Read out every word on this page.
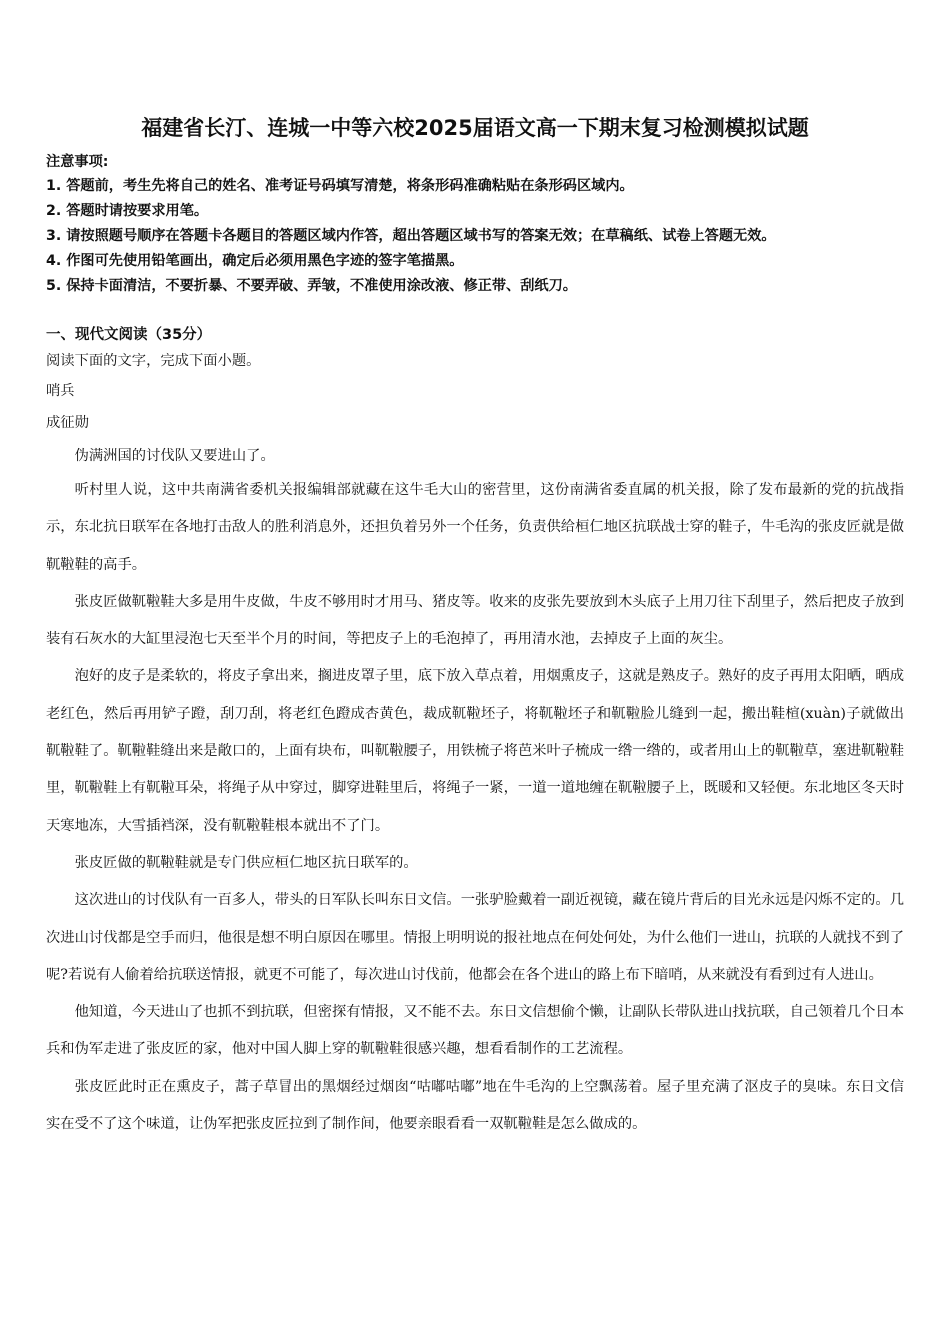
福建省长汀、连城一中等六校2025届语文高一下期末复习检测模拟试题
注意事项:
1. 答题前，考生先将自己的姓名、准考证号码填写清楚，将条形码准确粘贴在条形码区域内。
2. 答题时请按要求用笔。
3. 请按照题号顺序在答题卡各题目的答题区域内作答，超出答题区域书写的答案无效；在草稿纸、试卷上答题无效。
4. 作图可先使用铅笔画出，确定后必须用黑色字迹的签字笔描黑。
5. 保持卡面清洁，不要折暴、不要弄破、弄皱，不准使用涂改液、修正带、刮纸刀。
一、现代文阅读（35分）
阅读下面的文字，完成下面小题。
哨兵
成征勋

伪满洲国的讨伐队又要进山了。

听村里人说，这中共南满省委机关报编辑部就藏在这牛毛大山的密营里，这份南满省委直属的机关报，除了发布最新的党的抗战指示，东北抗日联军在各地打击敌人的胜利消息外，还担负着另外一个任务，负责供给桓仁地区抗联战士穿的鞋子，牛毛沟的张皮匠就是做靰鞡鞋的高手。

张皮匠做靰鞡鞋大多是用牛皮做，牛皮不够用时才用马、猪皮等。收来的皮张先要放到木头底子上用刀往下刮里子，然后把皮子放到装有石灰水的大缸里浸泡七天至半个月的时间，等把皮子上的毛泡掉了，再用清水池，去掉皮子上面的灰尘。

泡好的皮子是柔软的，将皮子拿出来，搁进皮罩子里，底下放入草点着，用烟熏皮子，这就是熟皮子。熟好的皮子再用太阳晒，晒成老红色，然后再用铲子蹬，刮刀刮，将老红色蹬成杏黄色，裁成靰鞡坯子，将靰鞡坯子和靰鞡脸儿缝到一起，搬出鞋楦(xuàn)子就做出靰鞡鞋了。靰鞡鞋缝出来是敞口的，上面有块布，叫靰鞡腰子，用铁梳子将芭米叶子梳成一绺一绺的，或者用山上的靰鞡草，塞进靰鞡鞋里，靰鞡鞋上有靰鞡耳朵，将绳子从中穿过，脚穿进鞋里后，将绳子一紧，一道一道地缠在靰鞡腰子上，既暖和又轻便。东北地区冬天时天寒地冻，大雪插裆深，没有靰鞡鞋根本就出不了门。

张皮匠做的靰鞡鞋就是专门供应桓仁地区抗日联军的。

这次进山的讨伐队有一百多人，带头的日军队长叫东日文信。一张驴脸戴着一副近视镜，藏在镜片背后的目光永远是闪烁不定的。几次进山讨伐都是空手而归，他很是想不明白原因在哪里。情报上明明说的报社地点在何处何处，为什么他们一进山，抗联的人就找不到了呢?若说有人偷着给抗联送情报，就更不可能了，每次进山讨伐前，他都会在各个进山的路上布下暗哨，从来就没有看到过有人进山。

他知道，今天进山了也抓不到抗联，但密探有情报，又不能不去。东日文信想偷个懒，让副队长带队进山找抗联，自己领着几个日本兵和伪军走进了张皮匠的家，他对中国人脚上穿的靰鞡鞋很感兴趣，想看看制作的工艺流程。

张皮匠此时正在熏皮子，蒿子草冒出的黑烟经过烟囱“咕嘟咕嘟”地在牛毛沟的上空飘荡着。屋子里充满了沤皮子的臭味。东日文信实在受不了这个味道，让伪军把张皮匠拉到了制作间，他要亲眼看看一双靰鞡鞋是怎么做成的。
